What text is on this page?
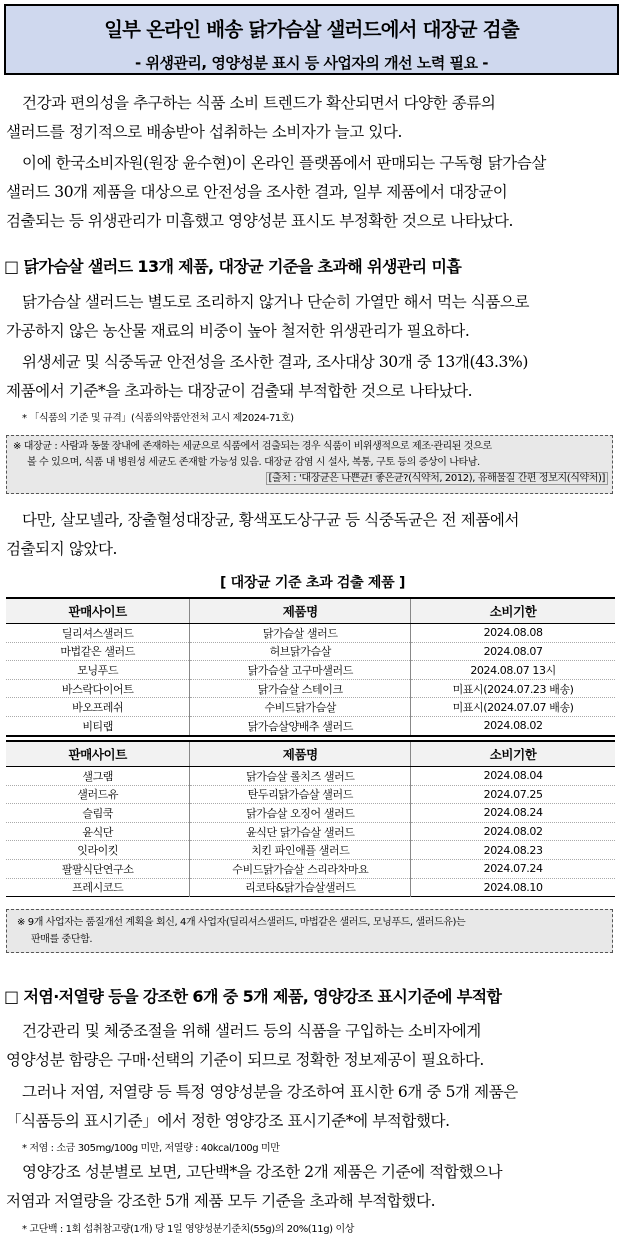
일부 온라인 배송 닭가슴살 샐러드에서 대장균 검출
- 위생관리, 영양성분 표시 등 사업자의 개선 노력 필요 -
건강과 편의성을 추구하는 식품 소비 트렌드가 확산되면서 다양한 종류의
샐러드를 정기적으로 배송받아 섭취하는 소비자가 늘고 있다.
이에 한국소비자원(원장 윤수현)이 온라인 플랫폼에서 판매되는 구독형 닭가슴살
샐러드 30개 제품을 대상으로 안전성을 조사한 결과, 일부 제품에서 대장균이
검출되는 등 위생관리가 미흡했고 영양성분 표시도 부정확한 것으로 나타났다.
□ 닭가슴살 샐러드 13개 제품, 대장균 기준을 초과해 위생관리 미흡
닭가슴살 샐러드는 별도로 조리하지 않거나 단순히 가열만 해서 먹는 식품으로
가공하지 않은 농산물 재료의 비중이 높아 철저한 위생관리가 필요하다.
위생세균 및 식중독균 안전성을 조사한 결과, 조사대상 30개 중 13개(43.3%)
제품에서 기준*을 초과하는 대장균이 검출돼 부적합한 것으로 나타났다.
* 「식품의 기준 및 규격」(식품의약품안전처 고시 제2024-71호)
※ 대장균 : 사람과 동물 장내에 존재하는 세균으로 식품에서 검출되는 경우 식품이 비위생적으로 제조·관리된 것으로
볼 수 있으며, 식품 내 병원성 세균도 존재할 가능성 있음. 대장균 감염 시 설사, 복통, 구토 등의 증상이 나타남.
[출처 : '대장균은 나쁜균! 좋은균?(식약처, 2012), 유해물질 간편 정보지(식약처)]
다만, 살모넬라, 장출혈성대장균, 황색포도상구균 등 식중독균은 전 제품에서
검출되지 않았다.
[ 대장균 기준 초과 검출 제품 ]
판매사이트	제품명	소비기한
딜리셔스샐러드	닭가슴살 샐러드	2024.08.08
마법같은 샐러드	허브닭가슴살	2024.08.07
모닝푸드	닭가슴살 고구마샐러드	2024.08.07 13시
바스락다이어트	닭가슴살 스테이크	미표시(2024.07.23 배송)
바오프레쉬	수비드닭가슴살	미표시(2024.07.07 배송)
비티랩	닭가슴살양배추 샐러드	2024.08.02
판매사이트	제품명	소비기한
샐그램	닭가슴살 롤치즈 샐러드	2024.08.04
샐러드유	탄두리닭가슴살 샐러드	2024.07.25
슬림쿡	닭가슴살 오징어 샐러드	2024.08.24
윤식단	윤식단 닭가슴살 샐러드	2024.08.02
잇라이킷	치킨 파인애플 샐러드	2024.08.23
팔팔식단연구소	수비드닭가슴살 스리라차마요	2024.07.24
프레시코드	리코타&닭가슴살샐러드	2024.08.10
※ 9개 사업자는 품질개선 계획을 회신, 4개 사업자(딜리셔스샐러드, 마법같은 샐러드, 모닝푸드, 샐러드유)는
판매를 중단함.
□ 저염·저열량 등을 강조한 6개 중 5개 제품, 영양강조 표시기준에 부적합
건강관리 및 체중조절을 위해 샐러드 등의 식품을 구입하는 소비자에게
영양성분 함량은 구매·선택의 기준이 되므로 정확한 정보제공이 필요하다.
그러나 저염, 저열량 등 특정 영양성분을 강조하여 표시한 6개 중 5개 제품은
「식품등의 표시기준」에서 정한 영양강조 표시기준*에 부적합했다.
* 저염 : 소금 305mg/100g 미만, 저열량 : 40kcal/100g 미만
영양강조 성분별로 보면, 고단백*을 강조한 2개 제품은 기준에 적합했으나
저염과 저열량을 강조한 5개 제품 모두 기준을 초과해 부적합했다.
* 고단백 : 1회 섭취참고량(1개) 당 1일 영양성분기준치(55g)의 20%(11g) 이상
